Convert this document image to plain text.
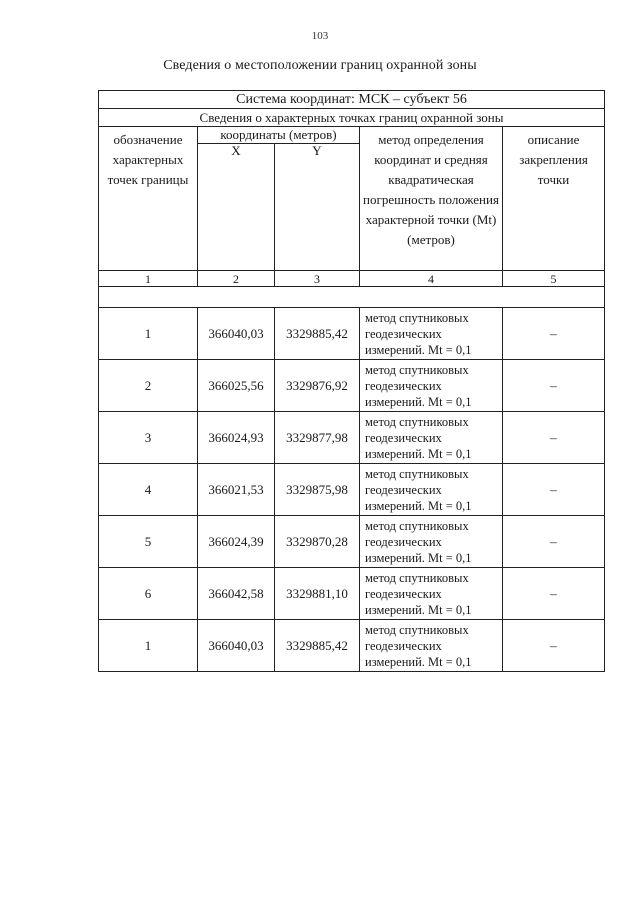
103
Сведения о местоположении границ охранной зоны
Система координат: МСК – субъект 56				
Сведения о характерных точках границ охранной зоны				
обозначение характерных точек границы	координаты (метров)		метод определения координат и средняя квадратическая погрешность положения характерной точки (Mt) (метров)	описание закрепления точки
	X	Y		
1	2	3	4	5

1	366040,03	3329885,42	метод спутниковых геодезических измерений. Mt = 0,1	–
2	366025,56	3329876,92	метод спутниковых геодезических измерений. Mt = 0,1	–
3	366024,93	3329877,98	метод спутниковых геодезических измерений. Mt = 0,1	–
4	366021,53	3329875,98	метод спутниковых геодезических измерений. Mt = 0,1	–
5	366024,39	3329870,28	метод спутниковых геодезических измерений. Mt = 0,1	–
6	366042,58	3329881,10	метод спутниковых геодезических измерений. Mt = 0,1	–
1	366040,03	3329885,42	метод спутниковых геодезических измерений. Mt = 0,1	–
